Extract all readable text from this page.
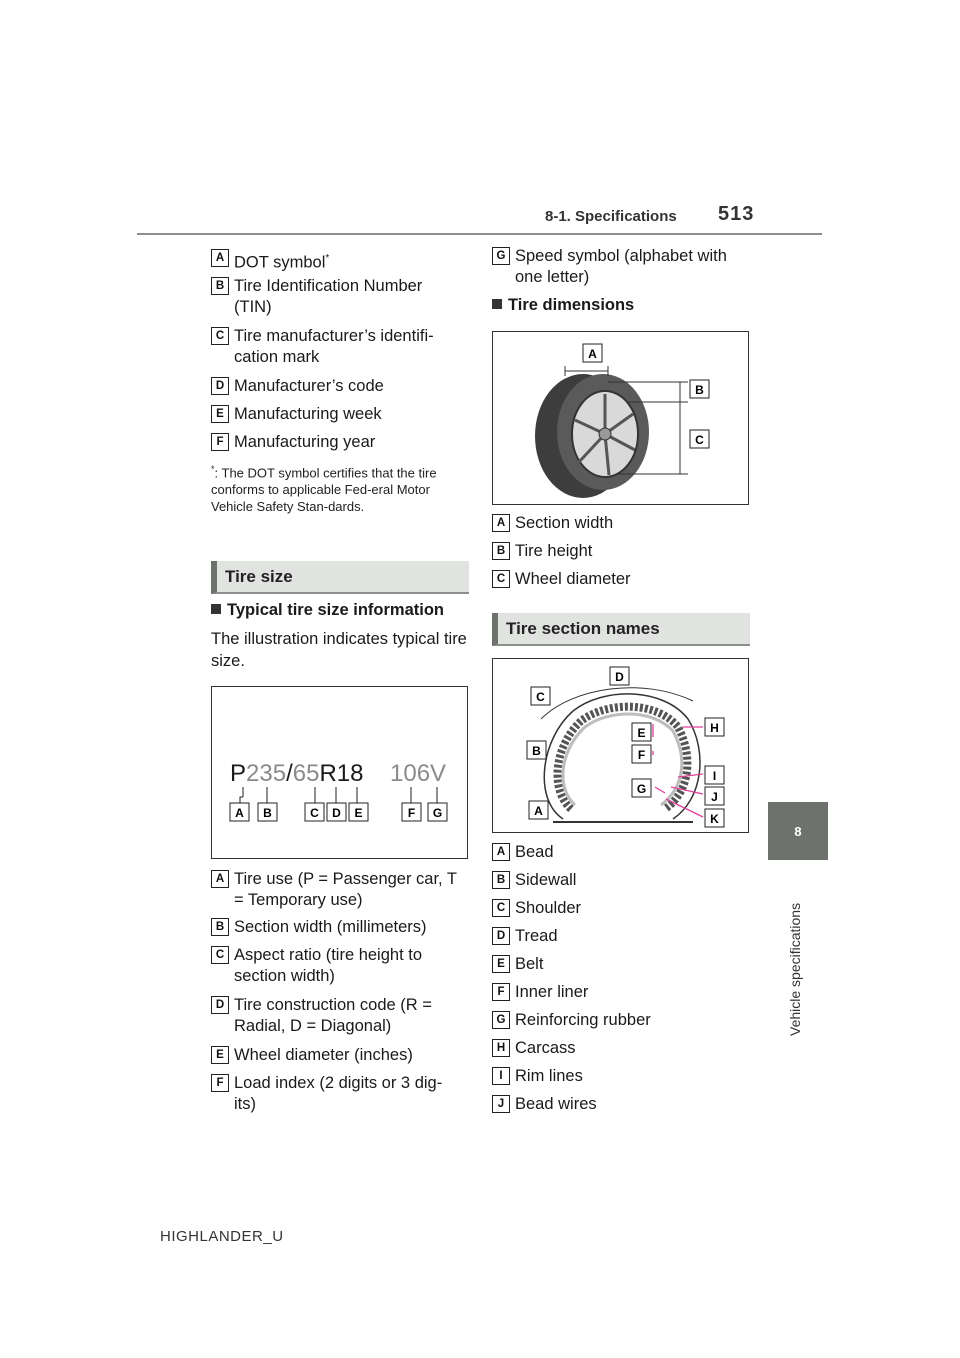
8-1. Specifications 513
8
Vehicle specifications
A DOT symbol*
B Tire Identification Number (TIN)
C Tire manufacturer’s identifi-cation mark
D Manufacturer’s code
E Manufacturing week
F Manufacturing year
*: The DOT symbol certifies that the tire conforms to applicable Fed-eral Motor Vehicle Safety Stan-dards.
Tire size
Typical tire size information
The illustration indicates typical tire size.
P235/65R18 106V
A B	C D E	F G
A Tire use (P = Passenger car, T = Temporary use)
B Section width (millimeters)
C Aspect ratio (tire height to section width)
D Tire construction code (R = Radial, D = Diagonal)
E Wheel diameter (inches)
F Load index (2 digits or 3 dig-its)
G Speed symbol (alphabet with one letter)
Tire dimensions
A
B
C
A Section width
B Tire height
C Wheel diameter
Tire section names
A
B
C
D
E
F
G
H
I
J
K
A Bead
B Sidewall
C Shoulder
D Tread
E Belt
F Inner liner
G Reinforcing rubber
H Carcass
I Rim lines
J Bead wires
HIGHLANDER_U
